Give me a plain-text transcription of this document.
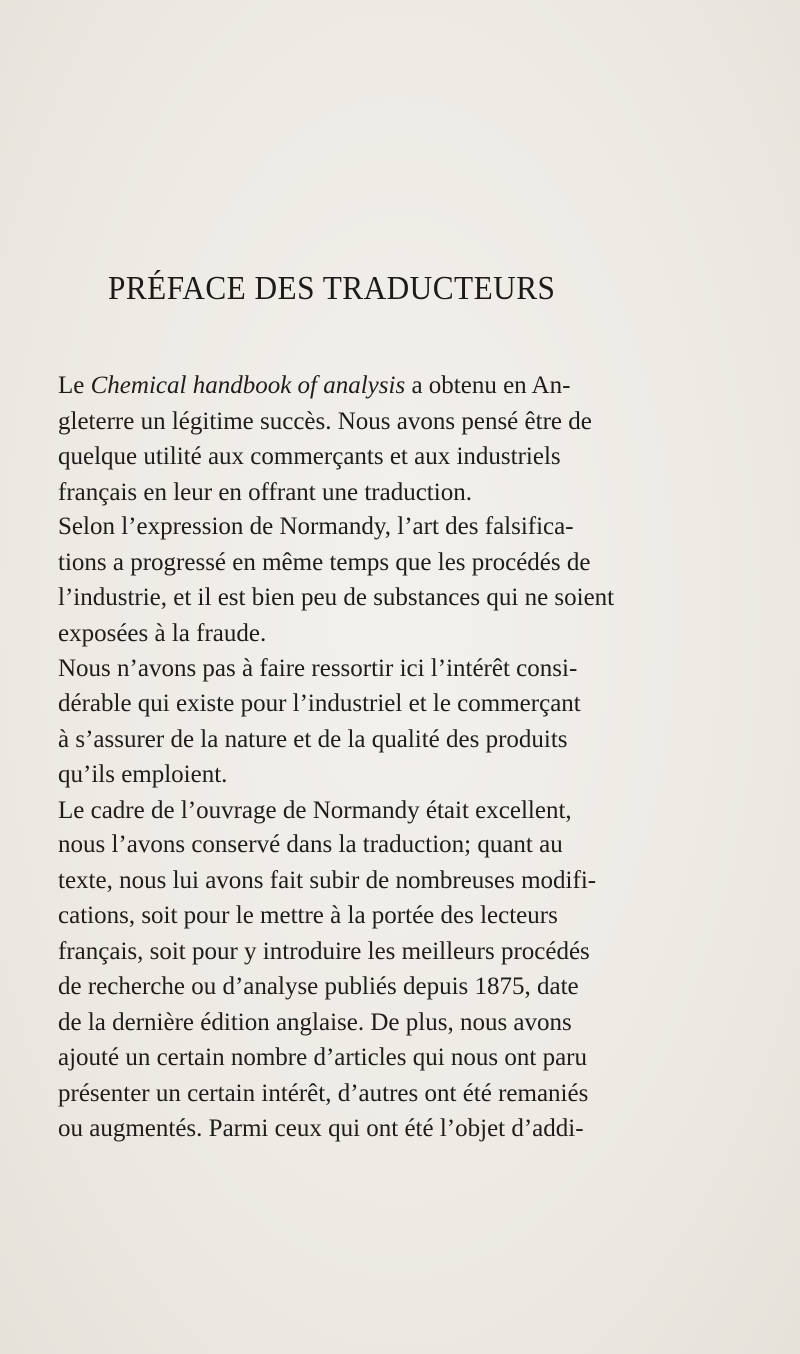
PRÉFACE DES TRADUCTEURS
Le Chemical handbook of analysis a obtenu en An-
gleterre un légitime succès. Nous avons pensé être de
quelque utilité aux commerçants et aux industriels
français en leur en offrant une traduction.
Selon l’expression de Normandy, l’art des falsifica-
tions a progressé en même temps que les procédés de
l’industrie, et il est bien peu de substances qui ne soient
exposées à la fraude.
Nous n’avons pas à faire ressortir ici l’intérêt consi-
dérable qui existe pour l’industriel et le commerçant
à s’assurer de la nature et de la qualité des produits
qu’ils emploient.
Le cadre de l’ouvrage de Normandy était excellent,
nous l’avons conservé dans la traduction; quant au
texte, nous lui avons fait subir de nombreuses modifi-
cations, soit pour le mettre à la portée des lecteurs
français, soit pour y introduire les meilleurs procédés
de recherche ou d’analyse publiés depuis 1875, date
de la dernière édition anglaise. De plus, nous avons
ajouté un certain nombre d’articles qui nous ont paru
présenter un certain intérêt, d’autres ont été remaniés
ou augmentés. Parmi ceux qui ont été l’objet d’addi-
